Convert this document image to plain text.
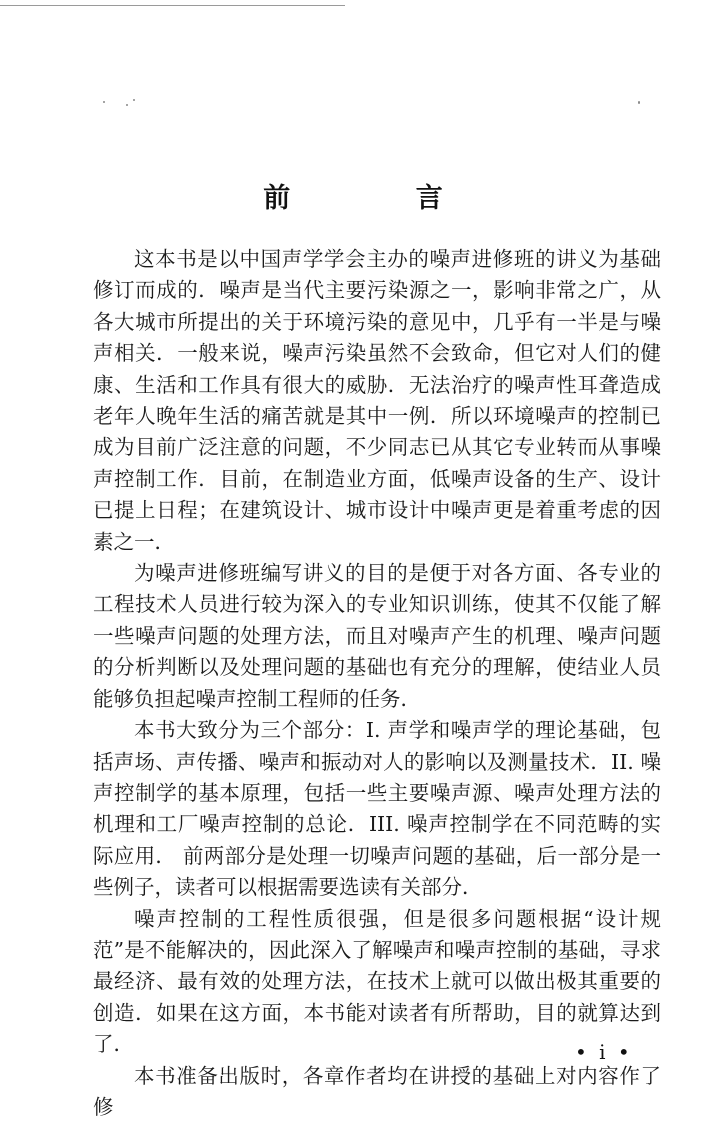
前 言

这本书是以中国声学学会主办的噪声进修班的讲义为基础修订而成的．噪声是当代主要污染源之一，影响非常之广，从各大城市所提出的关于环境污染的意见中，几乎有一半是与噪声相关．一般来说，噪声污染虽然不会致命，但它对人们的健康、生活和工作具有很大的威胁．无法治疗的噪声性耳聋造成老年人晚年生活的痛苦就是其中一例．所以环境噪声的控制已成为目前广泛注意的问题，不少同志已从其它专业转而从事噪声控制工作．目前，在制造业方面，低噪声设备的生产、设计已提上日程；在建筑设计、城市设计中噪声更是着重考虑的因素之一．

为噪声进修班编写讲义的目的是便于对各方面、各专业的工程技术人员进行较为深入的专业知识训练，使其不仅能了解一些噪声问题的处理方法，而且对噪声产生的机理、噪声问题的分析判断以及处理问题的基础也有充分的理解，使结业人员能够负担起噪声控制工程师的任务．

本书大致分为三个部分：I. 声学和噪声学的理论基础，包括声场、声传播、噪声和振动对人的影响以及测量技术．II. 噪声控制学的基本原理，包括一些主要噪声源、噪声处理方法的机理和工厂噪声控制的总论．III. 噪声控制学在不同范畴的实际应用． 前两部分是处理一切噪声问题的基础，后一部分是一些例子，读者可以根据需要选读有关部分．

噪声控制的工程性质很强，但是很多问题根据“设计规范”是不能解决的，因此深入了解噪声和噪声控制的基础，寻求最经济、最有效的处理方法，在技术上就可以做出极其重要的创造．如果在这方面，本书能对读者有所帮助，目的就算达到了．

本书准备出版时，各章作者均在讲授的基础上对内容作了修

• i •
